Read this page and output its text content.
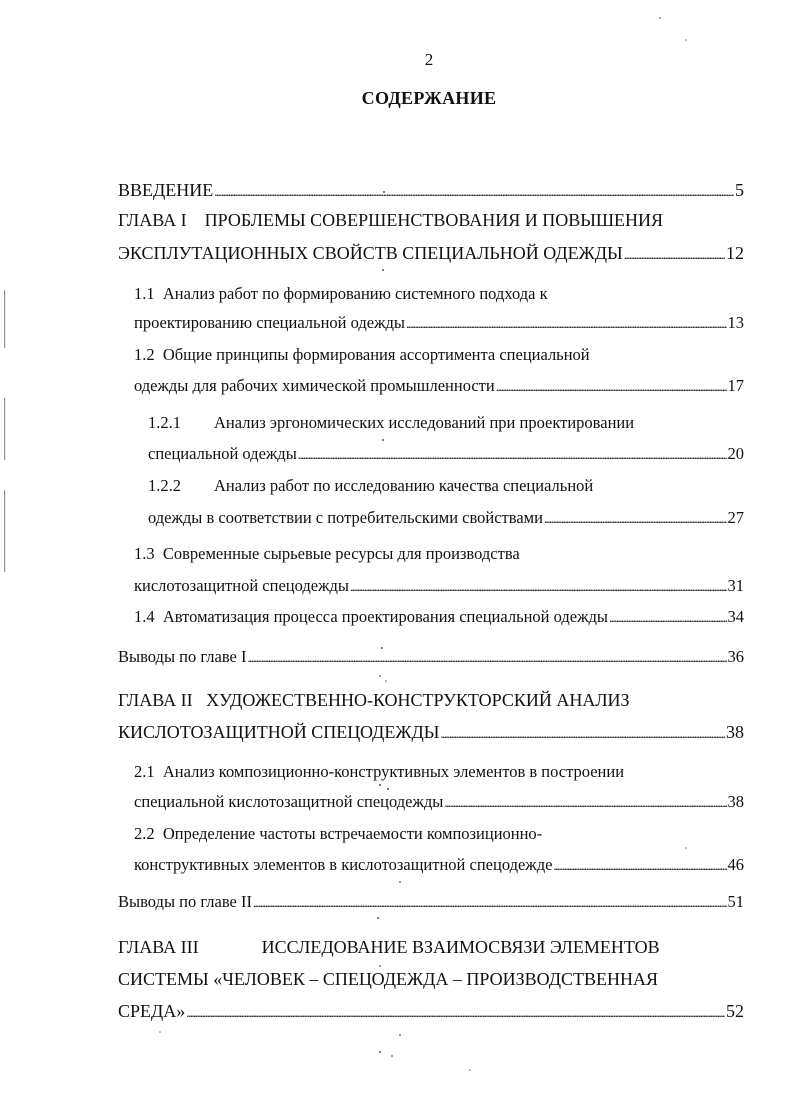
2
СОДЕРЖАНИЕ
ВВЕДЕНИЕ . . .	5
ГЛАВА I    ПРОБЛЕМЫ СОВЕРШЕНСТВОВАНИЯ И ПОВЫШЕНИЯ
ЭКСПЛУТАЦИОННЫХ СВОЙСТВ СПЕЦИАЛЬНОЙ ОДЕЖДЫ . . .	12
1.1  Анализ работ по формированию системного подхода к
проектированию специальной одежды . . .	13
1.2  Общие принципы формирования ассортимента специальной
одежды для рабочих химической промышленности . . .	17
1.2.1        Анализ эргономических исследований при проектировании
специальной одежды . . .	20
1.2.2        Анализ работ по исследованию качества специальной
одежды в соответствии с потребительскими свойствами . . .	27
1.3  Современные сырьевые ресурсы для производства
кислотозащитной спецодежды . . .	31
1.4  Автоматизация процесса проектирования специальной одежды . . .	34
Выводы по главе I . . .	36
ГЛАВА II   ХУДОЖЕСТВЕННО-КОНСТРУКТОРСКИЙ АНАЛИЗ
КИСЛОТОЗАЩИТНОЙ СПЕЦОДЕЖДЫ . . .	38
2.1  Анализ композиционно-конструктивных элементов в построении
специальной кислотозащитной спецодежды . . .	38
2.2  Определение частоты встречаемости композиционно-
конструктивных элементов в кислотозащитной спецодежде . . .	46
Выводы по главе II . . .	51
ГЛАВА III              ИССЛЕДОВАНИЕ ВЗАИМОСВЯЗИ ЭЛЕМЕНТОВ
СИСТЕМЫ «ЧЕЛОВЕК – СПЕЦОДЕЖДА – ПРОИЗВОДСТВЕННАЯ
СРЕДА» . . .	52
